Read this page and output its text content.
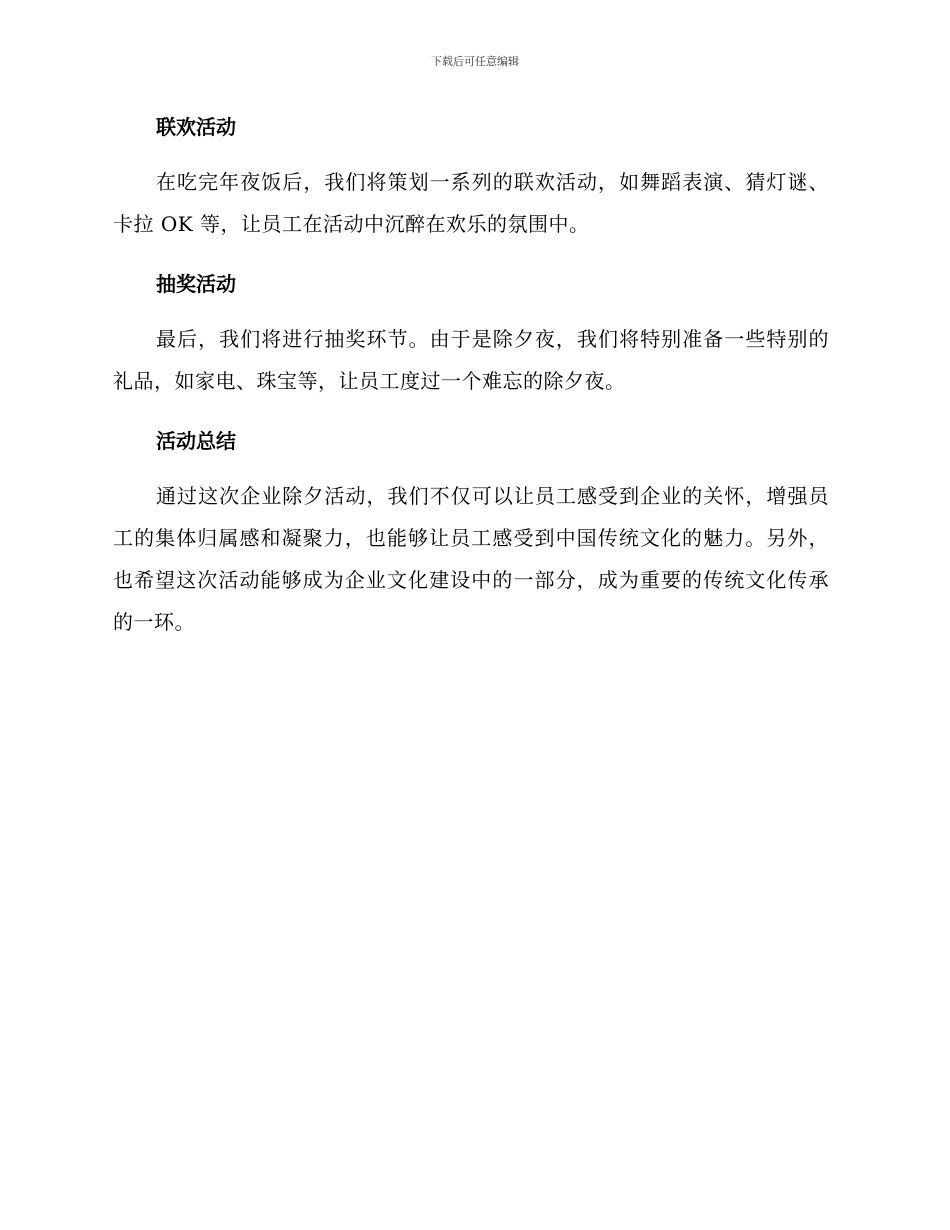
下载后可任意编辑
联欢活动

在吃完年夜饭后，我们将策划一系列的联欢活动，如舞蹈表演、猜灯谜、卡拉 OK 等，让员工在活动中沉醉在欢乐的氛围中。

抽奖活动

最后，我们将进行抽奖环节。由于是除夕夜，我们将特别准备一些特别的礼品，如家电、珠宝等，让员工度过一个难忘的除夕夜。

活动总结

通过这次企业除夕活动，我们不仅可以让员工感受到企业的关怀，增强员工的集体归属感和凝聚力，也能够让员工感受到中国传统文化的魅力。另外，也希望这次活动能够成为企业文化建设中的一部分，成为重要的传统文化传承的一环。
